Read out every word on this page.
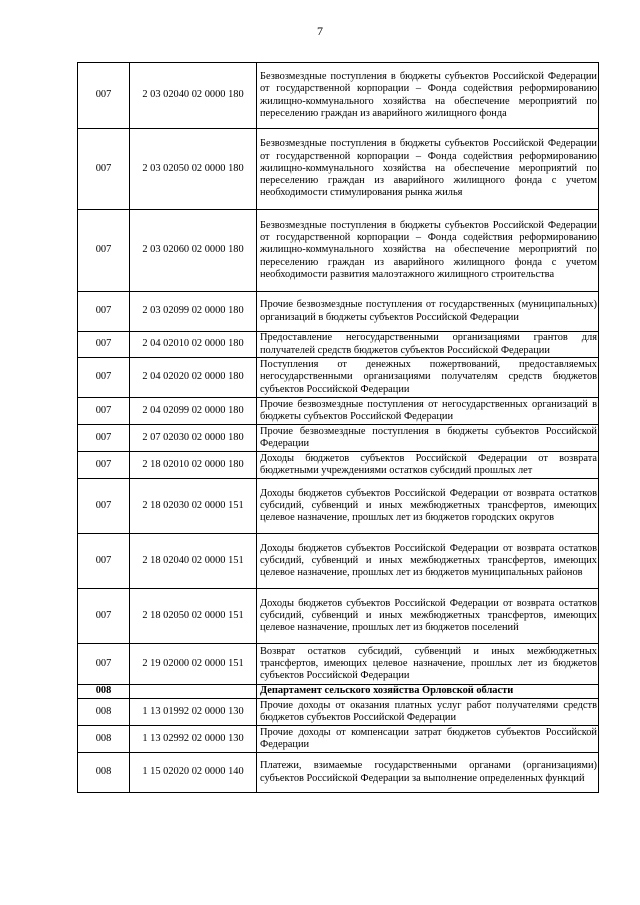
7
007	2 03 02040 02 0000 180	Безвозмездные поступления в бюджеты субъектов Российской Федерации от государственной корпорации – Фонда содействия реформированию жилищно-коммунального хозяйства на обеспечение мероприятий по переселению граждан из аварийного жилищного фонда
007	2 03 02050 02 0000 180	Безвозмездные поступления в бюджеты субъектов Российской Федерации от государственной корпорации – Фонда содействия реформированию жилищно-коммунального хозяйства на обеспечение мероприятий по переселению граждан из аварийного жилищного фонда с учетом необходимости стимулирования рынка жилья
007	2 03 02060 02 0000 180	Безвозмездные поступления в бюджеты субъектов Российской Федерации от государственной корпорации – Фонда содействия реформированию жилищно-коммунального хозяйства на обеспечение мероприятий по переселению граждан из аварийного жилищного фонда с учетом необходимости развития малоэтажного жилищного строительства
007	2 03 02099 02 0000 180	Прочие безвозмездные поступления от государственных (муниципальных) организаций в бюджеты субъектов Российской Федерации
007	2 04 02010 02 0000 180	Предоставление негосударственными организациями грантов для получателей средств бюджетов субъектов Российской Федерации
007	2 04 02020 02 0000 180	Поступления от денежных пожертвований, предоставляемых негосударственными организациями получателям средств бюджетов субъектов Российской Федерации
007	2 04 02099 02 0000 180	Прочие безвозмездные поступления от негосударственных организаций в бюджеты субъектов Российской Федерации
007	2 07 02030 02 0000 180	Прочие безвозмездные поступления в бюджеты субъектов Российской Федерации
007	2 18 02010 02 0000 180	Доходы бюджетов субъектов Российской Федерации от возврата бюджетными учреждениями остатков субсидий прошлых лет
007	2 18 02030 02 0000 151	Доходы бюджетов субъектов Российской Федерации от возврата остатков субсидий, субвенций и иных межбюджетных трансфертов, имеющих целевое назначение, прошлых лет из бюджетов городских округов
007	2 18 02040 02 0000 151	Доходы бюджетов субъектов Российской Федерации от возврата остатков субсидий, субвенций и иных межбюджетных трансфертов, имеющих целевое назначение, прошлых лет из бюджетов муниципальных районов
007	2 18 02050 02 0000 151	Доходы бюджетов субъектов Российской Федерации от возврата остатков субсидий, субвенций и иных межбюджетных трансфертов, имеющих целевое назначение, прошлых лет из бюджетов поселений
007	2 19 02000 02 0000 151	Возврат остатков субсидий, субвенций и иных межбюджетных трансфертов, имеющих целевое назначение, прошлых лет из бюджетов субъектов Российской Федерации
008		Департамент сельского хозяйства Орловской области
008	1 13 01992 02 0000 130	Прочие доходы от оказания платных услуг работ получателями средств бюджетов субъектов Российской Федерации
008	1 13 02992 02 0000 130	Прочие доходы от компенсации затрат бюджетов субъектов Российской Федерации
008	1 15 02020 02 0000 140	Платежи, взимаемые государственными органами (организациями) субъектов Российской Федерации за выполнение определенных функций
